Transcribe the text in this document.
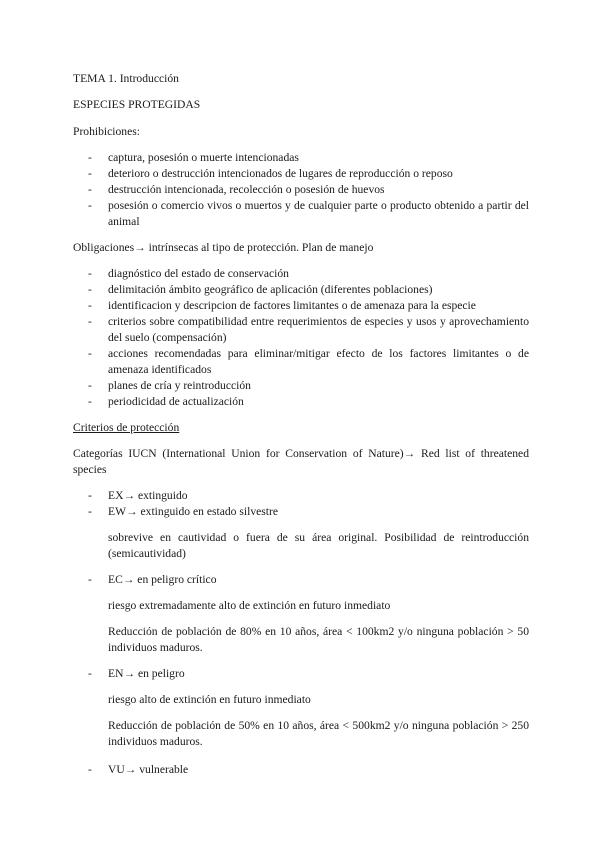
TEMA 1. Introducción
ESPECIES PROTEGIDAS
Prohibiciones:
- captura, posesión o muerte intencionadas
- deterioro o destrucción intencionados de lugares de reproducción o reposo
- destrucción intencionada, recolección o posesión de huevos
- posesión o comercio vivos o muertos y de cualquier parte o producto obtenido a partir del animal
Obligaciones→ intrínsecas al tipo de protección. Plan de manejo
- diagnóstico del estado de conservación
- delimitación ámbito geográfico de aplicación (diferentes poblaciones)
- identificacion y descripcion de factores limitantes o de amenaza para la especie
- criterios sobre compatibilidad entre requerimientos de especies y usos y aprovechamiento del suelo (compensación)
- acciones recomendadas para eliminar/mitigar efecto de los factores limitantes o de amenaza identificados
- planes de cría y reintroducción
- periodicidad de actualización
Criterios de protección
Categorías IUCN (International Union for Conservation of Nature)→ Red list of threatened species
- EX→ extinguido
- EW→ extinguido en estado silvestre
sobrevive en cautividad o fuera de su área original. Posibilidad de reintroducción (semicautividad)
- EC→ en peligro crítico
riesgo extremadamente alto de extinción en futuro inmediato
Reducción de población de 80% en 10 años, área < 100km2 y/o ninguna población > 50 individuos maduros.
- EN→ en peligro
riesgo alto de extinción en futuro inmediato
Reducción de población de 50% en 10 años, área < 500km2 y/o ninguna población > 250 individuos maduros.
- VU→ vulnerable
